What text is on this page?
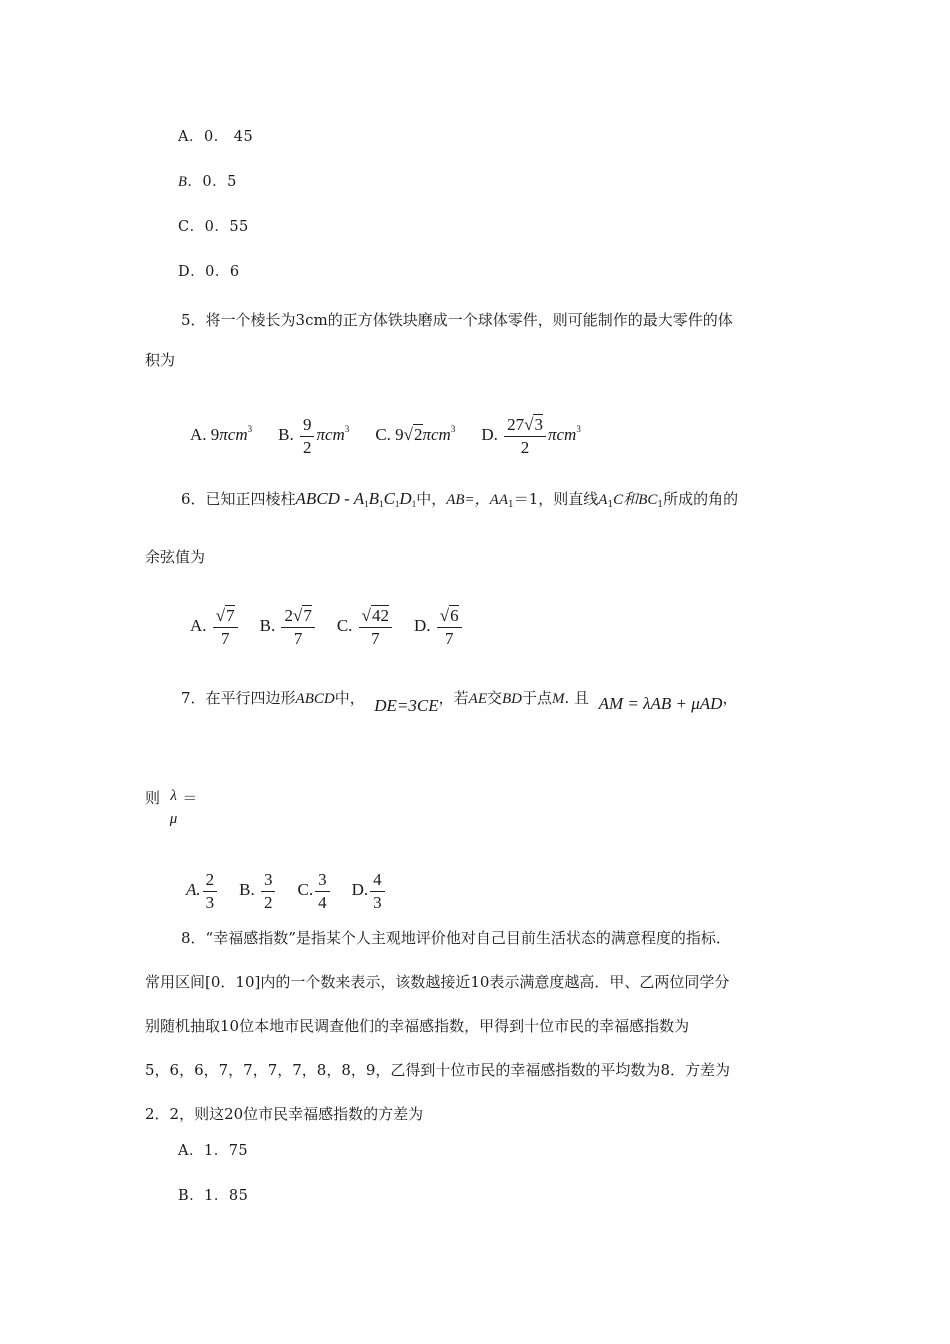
A．0． 45
B．0．5
C．0．55
D．0．6
5．将一个棱长为3cm的正方体铁块磨成一个球体零件，则可能制作的最大零件的体
积为
A. 9πcm$^3$ B. $\frac{9}{2} \pi cm^3$ C. 9√2πcm$^3$ D. $\frac{27√3}{2} \pi cm^3$
6．已知正四棱柱ABCD - $A_1B_1C_1D_1$中，AB=，$AA_1=1$，则直线$A_1C$和$BC_1$所成的角的
余弦值为
A. $\frac{√7}{7} B$. $\frac{2√7}{7} C$. $\frac{√42}{7} D$. $\frac{√6}{7}$
7．在平行四边形ABCD中， DE=3CE，若AE交BD于点M. 且 AM = λAB + μAD，
则 λ
μ
＝
A. $\frac{2}{3} B$. $\frac{3}{2} C$. $\frac{3}{4} D$. $\frac{4}{3}$
8．“幸福感指数”是指某个人主观地评价他对自己目前生活状态的满意程度的指标．
常用区间[0．10]内的一个数来表示，该数越接近10表示满意度越高．甲、乙两位同学分
别随机抽取10位本地市民调查他们的幸福感指数，甲得到十位市民的幸福感指数为
5，6，6，7，7，7，7，8，8，9，乙得到十位市民的幸福感指数的平均数为8．方差为
2．2，则这20位市民幸福感指数的方差为
A．1．75
B．1．85
